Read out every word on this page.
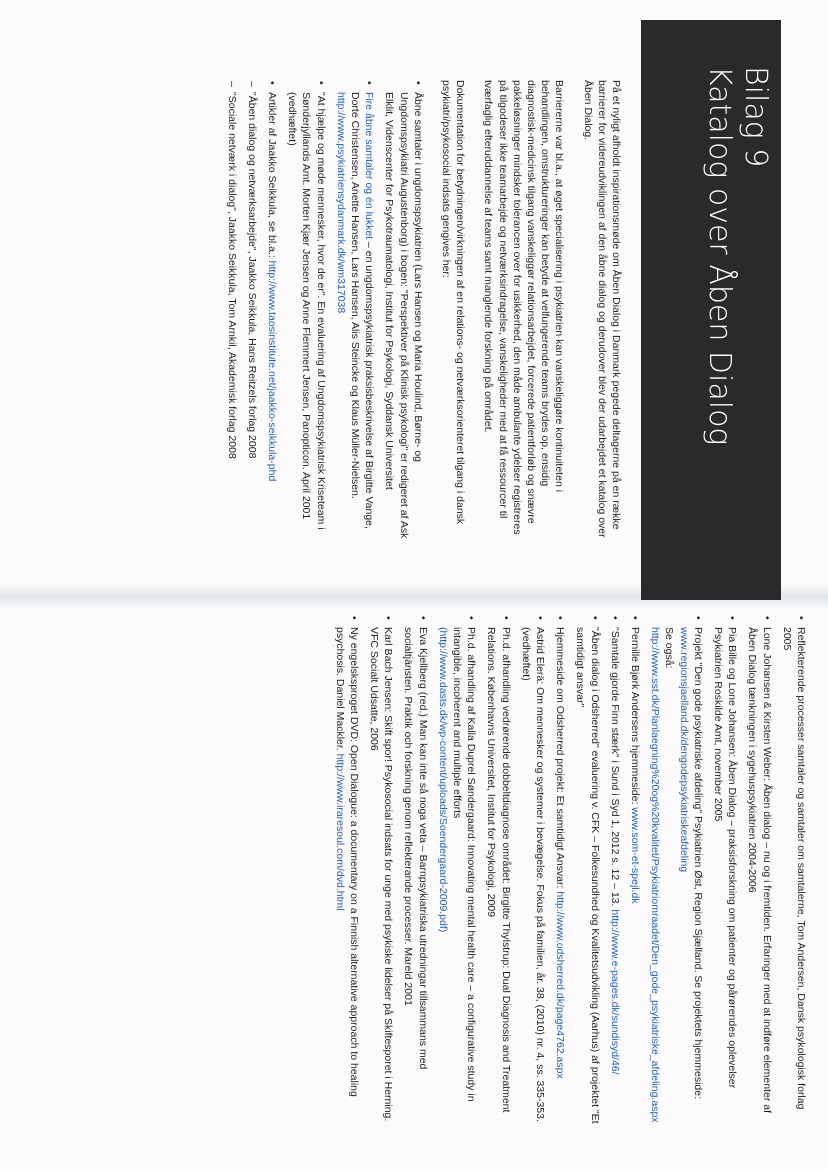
Bilag 9
Katalog over Åben Dialog

På et nyligt afholdt inspirationsmøde om Åben Dialog i Danmark pegede deltagerne på en række barrierer for videreudviklingen af den åbne dialog og derudover blev der udarbejdet et katalog over Åben Dialog.

Barriererne var bl.a., at øget specialisering i psykiatrien kan vanskeliggøre kontinuiteten i behandlingen, omstruktureringer kan betyde at velfungerende teams brydes op, ensidig diagnostisk-medicinsk tilgang vanskeliggør relationsarbejdet, forcerede patientforløb og snævre pakkeløsninger mindsker tolerancen over for usikkerhed, den måde ambulante ydelser registreres på tilgodeser ikke teamarbejde og netværksindragelse, vanskeligheder med at få ressourcer til tværfaglig efteruddannelse af teams samt manglende forskning på området.

Dokumentation for betydningen/virkningen af en relations- og netværksorienteret tilgang i dansk psykiatri/psykosocial indsats gengives her:

• Åbne samtaler i ungdomspsykiatrien (Lars Hansen og Maria Houlind, Børne- og Ungdomspsykiatri Augustenborg) i bogen: "Perspektiver på Klinisk psykologi" er redigeret af Ask Elklit, Videnscenter for Psykotraumatologi, Institut for Psykologi, Syddansk Universitet
• Fire åbne samtaler og én lukket – en ungdomspsykiatrisk praksisbeskrivelse af Birgitte Vange, Dorte Christensen, Anette Hansen, Lars Hansen, Alis Steincke og Klaus Müller-Nielsen. http://www.psykiatriensydanmark.dk/wm317038
• "At hjælpe og møde mennesker, hvor de er". En evaluering af Ungdomspsykiatrisk Kriseteam i Sønderjyllands Amt. Morten Kjær Jensen og Anne Flemmert Jensen, Panopticon. April 2001 (vedhæftet)
• Artikler af Jaakko Seikkula, se bl.a.: http://www.taosinstitute.net/jaakko-seikkula-phd
– "Åben dialog og netværksarbejde", Jaakko Seikkula, Hans Reitzels forlag 2008
– "Sociale netværk i dialog", Jaakko Seikkula, Tom Arnkil, Akademisk forlag 2008
• Reflekterende processer samtaler og samtaler om samtalerne, Tom Andersen, Dansk psykologisk forlag 2005
• Lone Johansen & Kirsten Weber: Åben dialog – nu og i fremtiden. Erfaringer med at indføre elementer af Åben Dialog tænkningen i sygehuspsykiatrien 2004-2006
• Pia Bille og Lone Johansen: Åben Dialog – praksisforskning om patienter og pårørendes oplevelser Psykiatrien Roskilde Amt, november 2005
• Projekt "Den gode psykiatriske afdeling" Psykiatrien Øst, Region Sjælland. Se projektets hjemmeside: www.regionsjaelland.dk/dengodepsykiatriskeafdeling
Se også: http://www.sst.dk/Planlaegning%20og%20kvalitet/Psykiatriomraadet/Den_gode_psykiatriske_afdeling.aspx
• Pernille Bjørk Andersens hjemmeside: www.som-et-spejl.dk
• "Samtale gjorde Finn stærk" i Sund i Syd 1, 2012 s. 12 – 13. http://www.e-pages.dk/sundisyd/46/
• "Åben dialog i Odsherred" evaluering v. CFK – Folkesundhed og Kvalitetsudvikling (Aarhus) af projektet "Et samtidigt ansvar"
• Hjemmeside om Odsherred projekt: Et samtidigt Ansvar: http://www.odsherred.dk/page4762.aspx
• Astrid Elerä: Om mennesker og systemer i bevægelse. Fokus på familien, år. 38, (2010) nr. 4, ss. 335-353. (vedhæftet)
• Ph.d. afhandling vedrørende dobbeltdiagnose området: Birgitte Thylstrup: Dual Diagnosis and Treatment Relations. Københavns Universitet, Institut for Psykologi, 2009
• Ph.d. afhandling af Kalla Duprel Søndergaard: Innovating mental health care – a configurative study in intangible, incoherent and multiple efforts
(http://www.dasts.dk/wp-content/uploads/Soendergaard-2009.pdf)
• Eva Kjellberg (red.) Man kan inte så noga veta – Barnpsykiatriska utredningar tillsammans med socialtjänsten. Praktik och forskning genom reflekterande processer. Mareld 2001
• Karl Bach Jensen: Skift spor! Psykosocial indsats for unge med psykiske lidelser på Skiftesporet i Herning. VFC Socialt Udsatte, 2006
• Ny engelsksproget DVD: Open Dialogue: a documentary on a Finnish alternative approach to healing psychosis. Daniel Mackler. http://www.iraresoul.com/dvd.html
